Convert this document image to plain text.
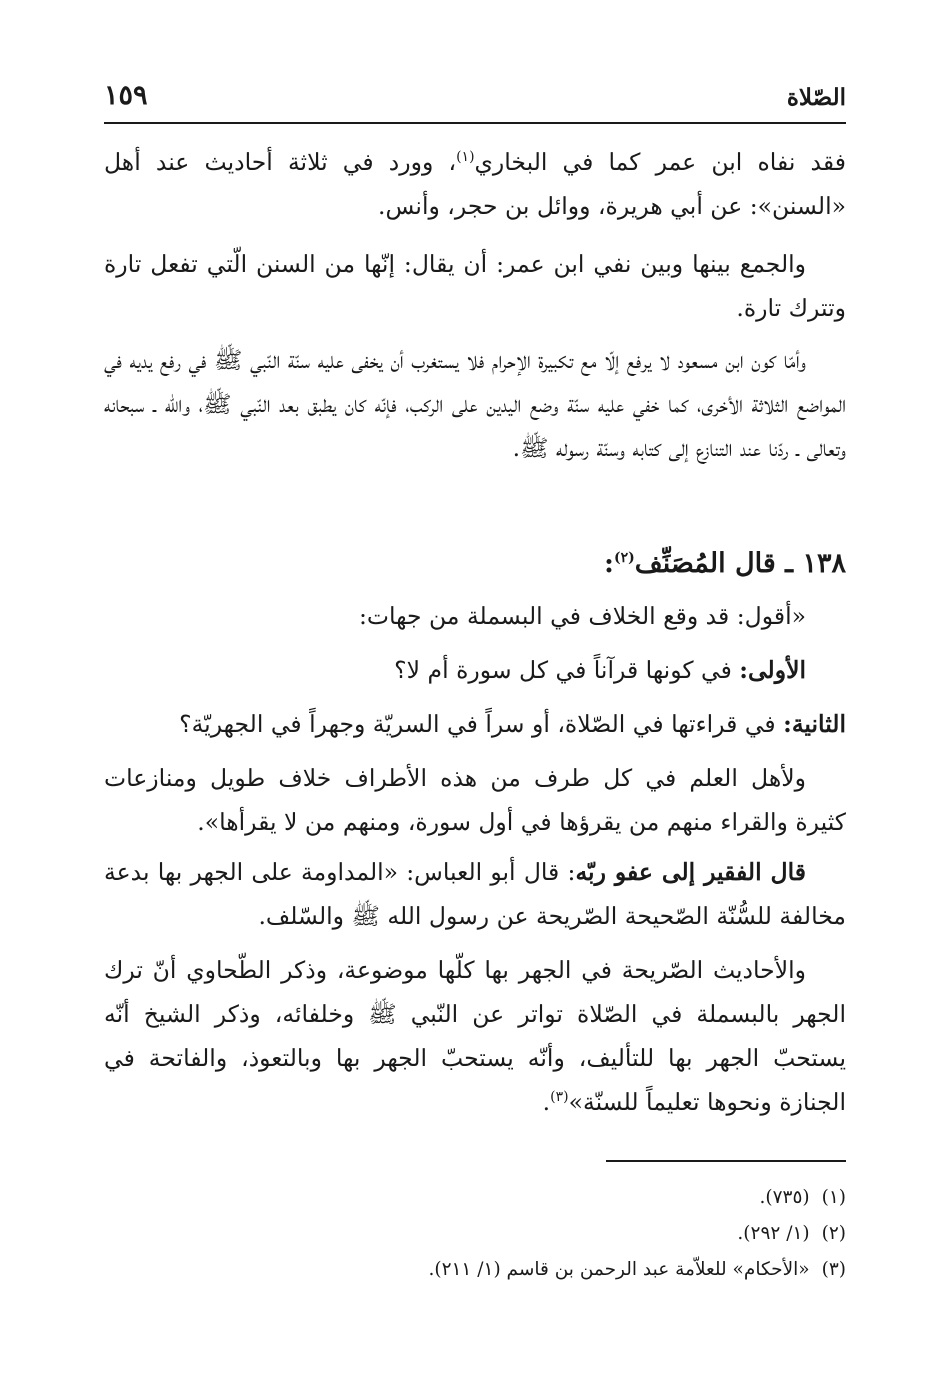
الصّلاة
١٥٩

فقد نفاه ابن عمر كما في البخاري$^{(١)}$، وورد في ثلاثة أحاديث عند أهل «السنن»: عن أبي هريرة، ووائل بن حجر، وأنس.

والجمع بينها وبين نفي ابن عمر: أن يقال: إنّها من السنن الّتي تفعل تارة وتترك تارة.

وأمّا كون ابن مسعود لا يرفع إلّا مع تكبيرة الإحرام فلا يستغرب أن يخفى عليه سنّة النّبي ﷺ في رفع يديه في المواضع الثلاثة الأخرى، كما خفي عليه سنّة وضع اليدين على الركب، فإنّه كان يطبق بعد النّبي ﷺ، والله ـ سبحانه وتعالى ـ ردّنا عند التنازع إلى كتابه وسنّة رسوله ﷺ.

١٣٨ ـ قال المُصَنِّف$^{(٢)}$:

«أقول: قد وقع الخلاف في البسملة من جهات:

الأولى: في كونها قرآناً في كل سورة أم لا؟

الثانية: في قراءتها في الصّلاة، أو سراً في السريّة وجهراً في الجهريّة؟

ولأهل العلم في كل طرف من هذه الأطراف خلاف طويل ومنازعات كثيرة والقراء منهم من يقرؤها في أول سورة، ومنهم من لا يقرأها».

قال الفقير إلى عفو ربّه: قال أبو العباس: «المداومة على الجهر بها بدعة مخالفة للسُّنّة الصّحيحة الصّريحة عن رسول الله ﷺ والسّلف.

والأحاديث الصّريحة في الجهر بها كلّها موضوعة، وذكر الطّحاوي أنّ ترك الجهر بالبسملة في الصّلاة تواتر عن النّبي ﷺ وخلفائه، وذكر الشيخ أنّه يستحبّ الجهر بها للتأليف، وأنّه يستحبّ الجهر بها وبالتعوذ، والفاتحة في الجنازة ونحوها تعليماً للسنّة»$^{(٣)}$.

(١)(٧٣٥).

(٢)(١/ ٢٩٢).

(٣)«الأحكام» للعلاّمة عبد الرحمن بن قاسم (١/ ٢١١).
